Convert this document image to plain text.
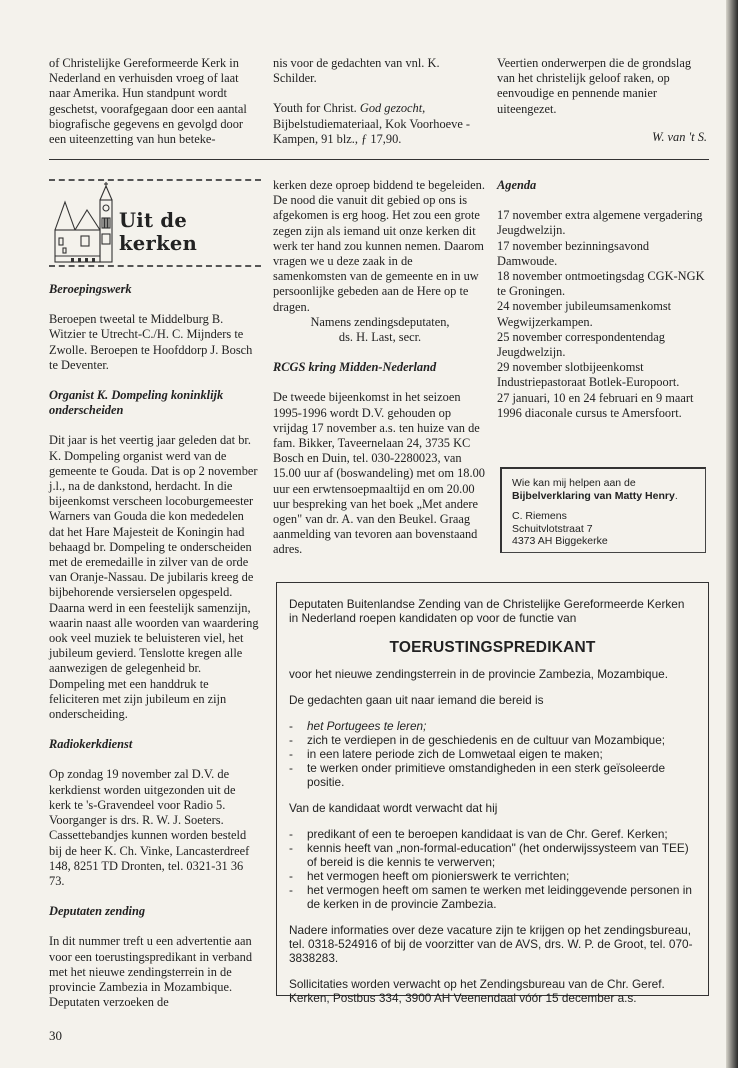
of Christelijke Gereformeerde Kerk in Nederland en verhuisden vroeg of laat naar Amerika. Hun standpunt wordt geschetst, voorafgegaan door een aantal biografische gegevens en gevolgd door een uiteenzetting van hun beteke-

nis voor de gedachten van vnl. K. Schilder.

Youth for Christ. God gezocht, Bijbelstudiemateriaal, Kok Voorhoeve - Kampen, 91 blz., ƒ 17,90.

Veertien onderwerpen die de grondslag van het christelijk geloof raken, op eenvoudige en pennende manier uiteengezet.

W. van 't S.

Uit de kerken

Beroepingswerk

Beroepen tweetal te Middelburg B. Witzier te Utrecht-C./H. C. Mijnders te Zwolle. Beroepen te Hoofddorp J. Bosch te Deventer.

Organist K. Dompeling koninklijk onderscheiden

Dit jaar is het veertig jaar geleden dat br. K. Dompeling organist werd van de gemeente te Gouda. Dat is op 2 november j.l., na de dankstond, herdacht. In die bijeenkomst verscheen locoburgemeester Warners van Gouda die kon mededelen dat het Hare Majesteit de Koningin had behaagd br. Dompeling te onderscheiden met de eremedaille in zilver van de orde van Oranje-Nassau. De jubilaris kreeg de bijbehorende versierselen opgespeld. Daarna werd in een feestelijk samenzijn, waarin naast alle woorden van waardering ook veel muziek te beluisteren viel, het jubileum gevierd. Tenslotte kregen alle aanwezigen de gelegenheid br. Dompeling met een handdruk te feliciteren met zijn jubileum en zijn onderscheiding.

Radiokerkdienst

Op zondag 19 november zal D.V. de kerkdienst worden uitgezonden uit de kerk te 's-Gravendeel voor Radio 5. Voorganger is drs. R. W. J. Soeters. Cassettebandjes kunnen worden besteld bij de heer K. Ch. Vinke, Lancasterdreef 148, 8251 TD Dronten, tel. 0321-31 36 73.

Deputaten zending

In dit nummer treft u een advertentie aan voor een toerustingspredikant in verband met het nieuwe zendingsterrein in de provincie Zambezia in Mozambique. Deputaten verzoeken de

kerken deze oproep biddend te begeleiden. De nood die vanuit dit gebied op ons is afgekomen is erg hoog. Het zou een grote zegen zijn als iemand uit onze kerken dit werk ter hand zou kunnen nemen. Daarom vragen we u deze zaak in de samenkomsten van de gemeente en in uw persoonlijke gebeden aan de Here op te dragen.

Namens zendingsdeputaten,

ds. H. Last, secr.

RCGS kring Midden-Nederland

De tweede bijeenkomst in het seizoen 1995-1996 wordt D.V. gehouden op vrijdag 17 november a.s. ten huize van de fam. Bikker, Taveernelaan 24, 3735 KC Bosch en Duin, tel. 030-2280023, van 15.00 uur af (boswandeling) met om 18.00 uur een erwtensoepmaaltijd en om 20.00 uur bespreking van het boek „Met andere ogen" van dr. A. van den Beukel. Graag aanmelding van tevoren aan bovenstaand adres.

Agenda

17 november extra algemene vergadering Jeugdwelzijn.

17 november bezinningsavond Damwoude.

18 november ontmoetingsdag CGK-NGK te Groningen.

24 november jubileumsamenkomst Wegwijzerkampen.

25 november correspondentendag Jeugdwelzijn.

29 november slotbijeenkomst Industriepastoraat Botlek-Europoort.

27 januari, 10 en 24 februari en 9 maart 1996 diaconale cursus te Amersfoort.

Wie kan mij helpen aan de Bijbelverklaring van Matty Henry.

C. Riemens

Schuitvlotstraat 7

4373 AH Biggekerke

Deputaten Buitenlandse Zending van de Christelijke Gereformeerde Kerken in Nederland roepen kandidaten op voor de functie van

TOERUSTINGSPREDIKANT

voor het nieuwe zendingsterrein in de provincie Zambezia, Mozambique.

De gedachten gaan uit naar iemand die bereid is

- het Portugees te leren;
- zich te verdiepen in de geschiedenis en de cultuur van Mozambique;
- in een latere periode zich de Lomwetaal eigen te maken;
- te werken onder primitieve omstandigheden in een sterk geïsoleerde positie.

Van de kandidaat wordt verwacht dat hij

- predikant of een te beroepen kandidaat is van de Chr. Geref. Kerken;
- kennis heeft van „non-formal-education" (het onderwijssysteem van TEE) of bereid is die kennis te verwerven;
- het vermogen heeft om pionierswerk te verrichten;
- het vermogen heeft om samen te werken met leidinggevende personen in de kerken in de provincie Zambezia.

Nadere informaties over deze vacature zijn te krijgen op het zendingsbureau, tel. 0318-524916 of bij de voorzitter van de AVS, drs. W. P. de Groot, tel. 070-3838283.

Sollicitaties worden verwacht op het Zendingsbureau van de Chr. Geref. Kerken, Postbus 334, 3900 AH Veenendaal vóór 15 december a.s.

30
